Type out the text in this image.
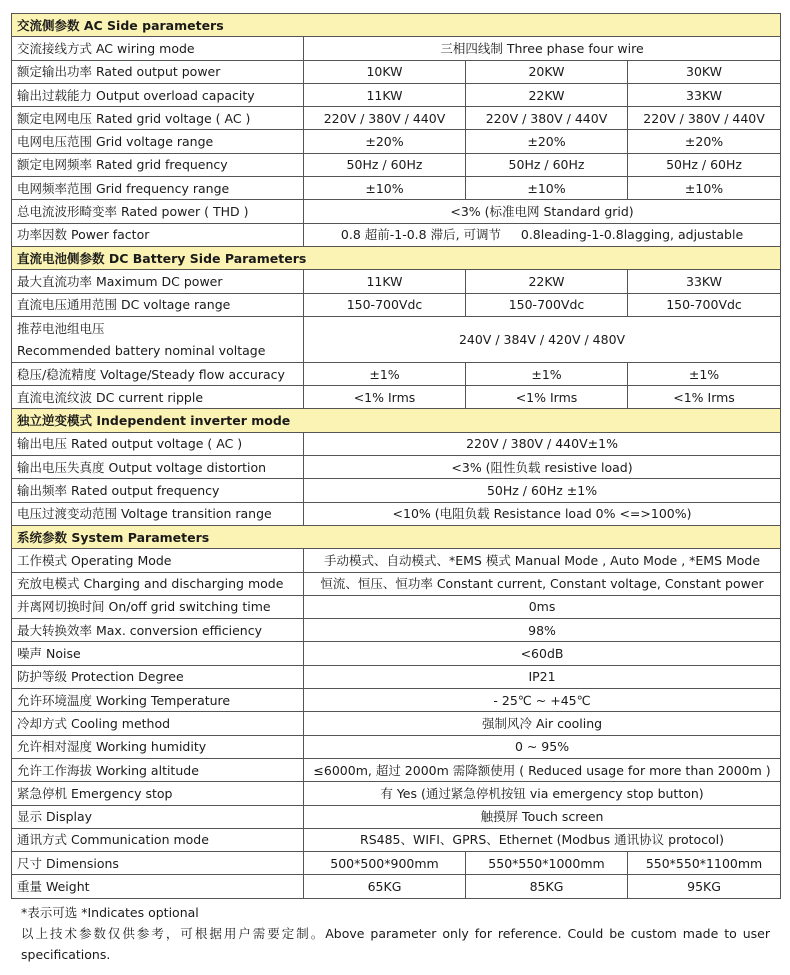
交流侧参数 AC Side parameters			

交流接线方式 AC wiring mode	三相四线制 Three phase four wire		

额定输出功率 Rated output power	10KW	20KW	30KW

输出过载能力 Output overload capacity	11KW	22KW	33KW

额定电网电压 Rated grid voltage ( AC )	220V / 380V / 440V	220V / 380V / 440V	220V / 380V / 440V

电网电压范围 Grid voltage range	±20%	±20%	±20%

额定电网频率 Rated grid frequency	50Hz / 60Hz	50Hz / 60Hz	50Hz / 60Hz

电网频率范围 Grid frequency range	±10%	±10%	±10%

总电流波形畸变率 Rated power ( THD )	<3% (标准电网 Standard grid)		

功率因数 Power factor	0.8 超前-1-0.8 滞后, 可调节     0.8leading-1-0.8lagging, adjustable		
直流电池侧参数 DC Battery Side Parameters			

最大直流功率 Maximum DC power	11KW	22KW	33KW

直流电压通用范围 DC voltage range	150-700Vdc	150-700Vdc	150-700Vdc

推荐电池组电压
Recommended battery nominal voltage	240V / 384V / 420V / 480V		

稳压/稳流精度 Voltage/Steady flow accuracy	±1%	±1%	±1%

直流电流纹波 DC current ripple	<1% Irms	<1% Irms	<1% Irms
独立逆变模式 Independent inverter mode			

输出电压 Rated output voltage ( AC )	220V / 380V / 440V±1%		

输出电压失真度 Output voltage distortion	<3% (阻性负载 resistive load)		

输出频率 Rated output frequency	50Hz / 60Hz ±1%		

电压过渡变动范围 Voltage transition range	<10% (电阻负载 Resistance load 0% <=>100%)		
系统参数 System Parameters			

工作模式 Operating Mode	手动模式、自动模式、*EMS 模式 Manual Mode , Auto Mode , *EMS Mode		

充放电模式 Charging and discharging mode	恒流、恒压、恒功率 Constant current, Constant voltage, Constant power		

并离网切换时间 On/off grid switching time	0ms		

最大转换效率 Max. conversion efficiency	98%		

噪声 Noise	<60dB		

防护等级 Protection Degree	IP21		

允许环境温度 Working Temperature	- 25℃ ~ +45℃		

冷却方式 Cooling method	强制风冷 Air cooling		

允许相对湿度 Working humidity	0 ~ 95%		

允许工作海拔 Working altitude	≤6000m, 超过 2000m 需降额使用 ( Reduced usage for more than 2000m )		

紧急停机 Emergency stop	有 Yes (通过紧急停机按钮 via emergency stop button)		

显示 Display	触摸屏 Touch screen		

通讯方式 Communication mode	RS485、WIFI、GPRS、Ethernet (Modbus 通讯协议 protocol)		

尺寸 Dimensions	500*500*900mm	550*550*1000mm	550*550*1100mm

重量 Weight	65KG	85KG	95KG
*表示可选 *Indicates optional
以上技术参数仅供参考，可根据用户需要定制。Above parameter only for reference. Could be custom made to user specifications.
